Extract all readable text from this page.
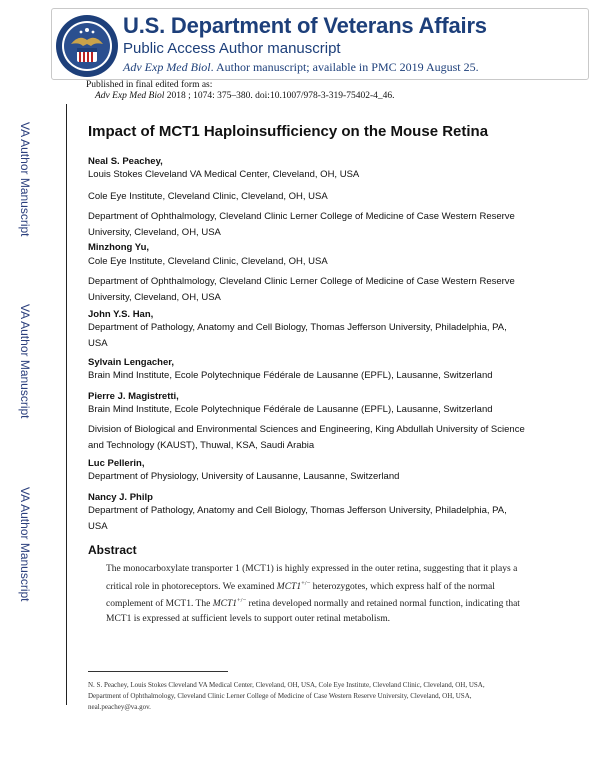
U.S. Department of Veterans Affairs
Public Access Author manuscript
Adv Exp Med Biol. Author manuscript; available in PMC 2019 August 25.
Published in final edited form as:
Adv Exp Med Biol 2018 ; 1074: 375–380. doi:10.1007/978-3-319-75402-4_46.
VA Author Manuscript
VA Author Manuscript
VA Author Manuscript
Impact of MCT1 Haploinsufficiency on the Mouse Retina
Neal S. Peachey,
Louis Stokes Cleveland VA Medical Center, Cleveland, OH, USA
Cole Eye Institute, Cleveland Clinic, Cleveland, OH, USA
Department of Ophthalmology, Cleveland Clinic Lerner College of Medicine of Case Western Reserve University, Cleveland, OH, USA
Minzhong Yu,
Cole Eye Institute, Cleveland Clinic, Cleveland, OH, USA
Department of Ophthalmology, Cleveland Clinic Lerner College of Medicine of Case Western Reserve University, Cleveland, OH, USA
John Y.S. Han,
Department of Pathology, Anatomy and Cell Biology, Thomas Jefferson University, Philadelphia, PA, USA
Sylvain Lengacher,
Brain Mind Institute, Ecole Polytechnique Fédérale de Lausanne (EPFL), Lausanne, Switzerland
Pierre J. Magistretti,
Brain Mind Institute, Ecole Polytechnique Fédérale de Lausanne (EPFL), Lausanne, Switzerland
Division of Biological and Environmental Sciences and Engineering, King Abdullah University of Science and Technology (KAUST), Thuwal, KSA, Saudi Arabia
Luc Pellerin,
Department of Physiology, University of Lausanne, Lausanne, Switzerland
Nancy J. Philp
Department of Pathology, Anatomy and Cell Biology, Thomas Jefferson University, Philadelphia, PA, USA
Abstract
The monocarboxylate transporter 1 (MCT1) is highly expressed in the outer retina, suggesting that it plays a critical role in photoreceptors. We examined MCT1+/− heterozygotes, which express half of the normal complement of MCT1. The MCT1+/− retina developed normally and retained normal function, indicating that MCT1 is expressed at sufficient levels to support outer retinal metabolism.
N. S. Peachey, Louis Stokes Cleveland VA Medical Center, Cleveland, OH, USA, Cole Eye Institute, Cleveland Clinic, Cleveland, OH, USA, Department of Ophthalmology, Cleveland Clinic Lerner College of Medicine of Case Western Reserve University, Cleveland, OH, USA, neal.peachey@va.gov.
